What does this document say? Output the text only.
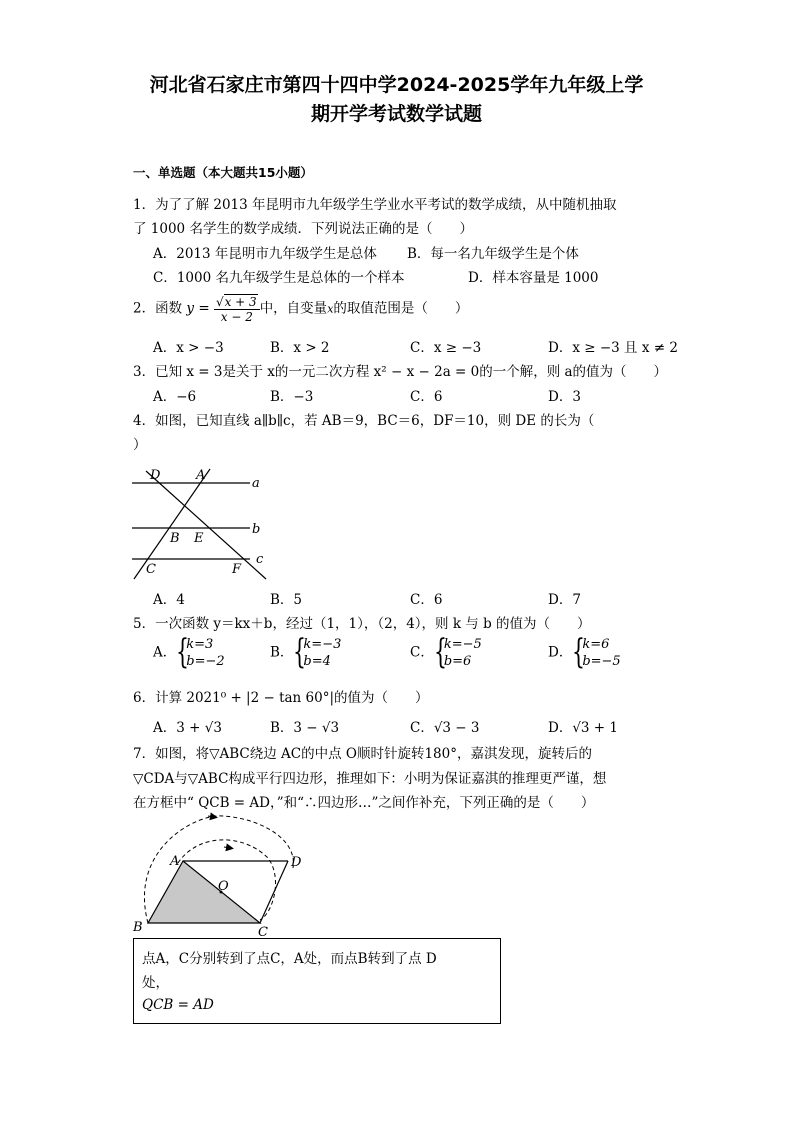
河北省石家庄市第四十四中学2024-2025学年九年级上学
期开学考试数学试题
一、单选题（本大题共15小题）
1．为了了解 2013 年昆明市九年级学生学业水平考试的数学成绩，从中随机抽取
了 1000 名学生的数学成绩．下列说法正确的是（　　）
A．2013 年昆明市九年级学生是总体 B．每一名九年级学生是个体
C．1000 名九年级学生是总体的一个样本	D．样本容量是 1000
2．函数 $y = \frac{√x + 3}{x - 2}$ 中，自变量x的取值范围是（　　）
A．x > −3	B．x > 2	C．x ≥ −3	D．x ≥ −3 且 x ≠ 2
3．已知 x = 3是关于 x的一元二次方程 x² − x − 2a = 0的一个解，则 a的值为（　　）
A．−6	B．−3	C．6	D．3
4．如图，已知直线 a∥b∥c，若 AB＝9，BC＝6，DF＝10，则 DE 的长为（
）
D	A
a
b
B E
c
C	F
A．4	B．5	C．6	D．7
5．一次函数 y＝kx＋b，经过（1，1），（2，4），则 k 与 b 的值为（　　）
A． {
k=3
b=−2
B． {
k=−3
b=4
C． {
k=−5
b=6
D． {
k=6
b=−5
6．计算 2021⁰ + |2 − tan 60°|的值为（　　）
A．3 + √3	B．3 − √3	C．√3 − 3	D．√3 + 1
7．如图，将▽ABC绕边 AC的中点 O顺时针旋转180°，嘉淇发现，旋转后的
▽CDA与▽ABC构成平行四边形，推理如下：小明为保证嘉淇的推理更严谨，想
在方框中“ QCB = AD，”和“∴四边形…”之间作补充，下列正确的是（　　）
A	D
O
B	C
点A，C分别转到了点C，A处，而点B转到了点 D
处，
QCB = AD
